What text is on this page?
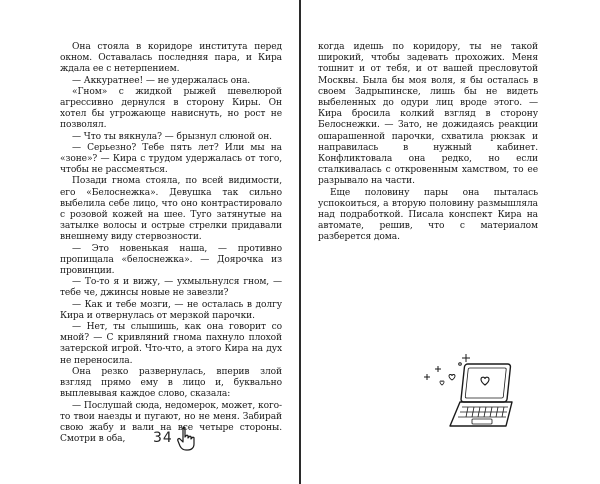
Она стояла в коридоре института перед окном. Оставалась последняя пара, и Кира ждала ее с нетерпением.

— Аккуратнее! — не удержалась она.

«Гном» с жидкой рыжей шевелюрой агрессивно дернулся в сторону Киры. Он хотел бы угрожающе нависнуть, но рост не позволял.

— Что ты вякнула? — брызнул слюной он.

— Серьезно? Тебе пять лет? Или мы на «зоне»? — Кира с трудом удержалась от того, чтобы не рассмеяться.

Позади гнома стояла, по всей видимости, его «Белоснежка». Девушка так сильно выбелила себе лицо, что оно контрастировало с розовой кожей на шее. Туго затянутые на затылке волосы и острые стрелки придавали внешнему виду стервозности.

— Это новенькая наша, — противно пропищала «белоснежка». — Доярочка из провинции.

— То-то я и вижу, — ухмыльнулся гном, — тебе че, джинсы новые не завезли?

— Как и тебе мозги, — не осталась в долгу Кира и отвернулась от мерзкой парочки.

— Нет, ты слышишь, как она говорит со мной? — С кривляний гнома пахнуло плохой затерской игрой. Что-что, а этого Кира на дух не переносила.

Она резко развернулась, вперив злой взгляд прямо ему в лицо и, буквально выплевывая каждое слово, сказала:

— Послушай сюда, недомерок, может, кого-то твои наезды и пугают, но не меня. Забирай свою жабу и вали на все четыре стороны. Смотри в оба,	34

когда идешь по коридору, ты не такой широкий, чтобы задевать прохожих. Меня тошнит и от тебя, и от вашей пресловутой Москвы. Была бы моя воля, я бы осталась в своем Задрыпинске, лишь бы не видеть выбеленных до одури лиц вроде этого. — Кира бросила колкий взгляд в сторону Белоснежки. — Зато, не дожидаясь реакции ошарашенной парочки, схватила рюкзак и направилась в нужный кабинет. Конфликтовала она редко, но если сталкивалась с откровенным хамством, то ее разрывало на части.

Еще половину пары она пыталась успокоиться, а вторую половину размышляла над подработкой. Писала конспект Кира на автомате, решив, что с материалом разберется дома.
